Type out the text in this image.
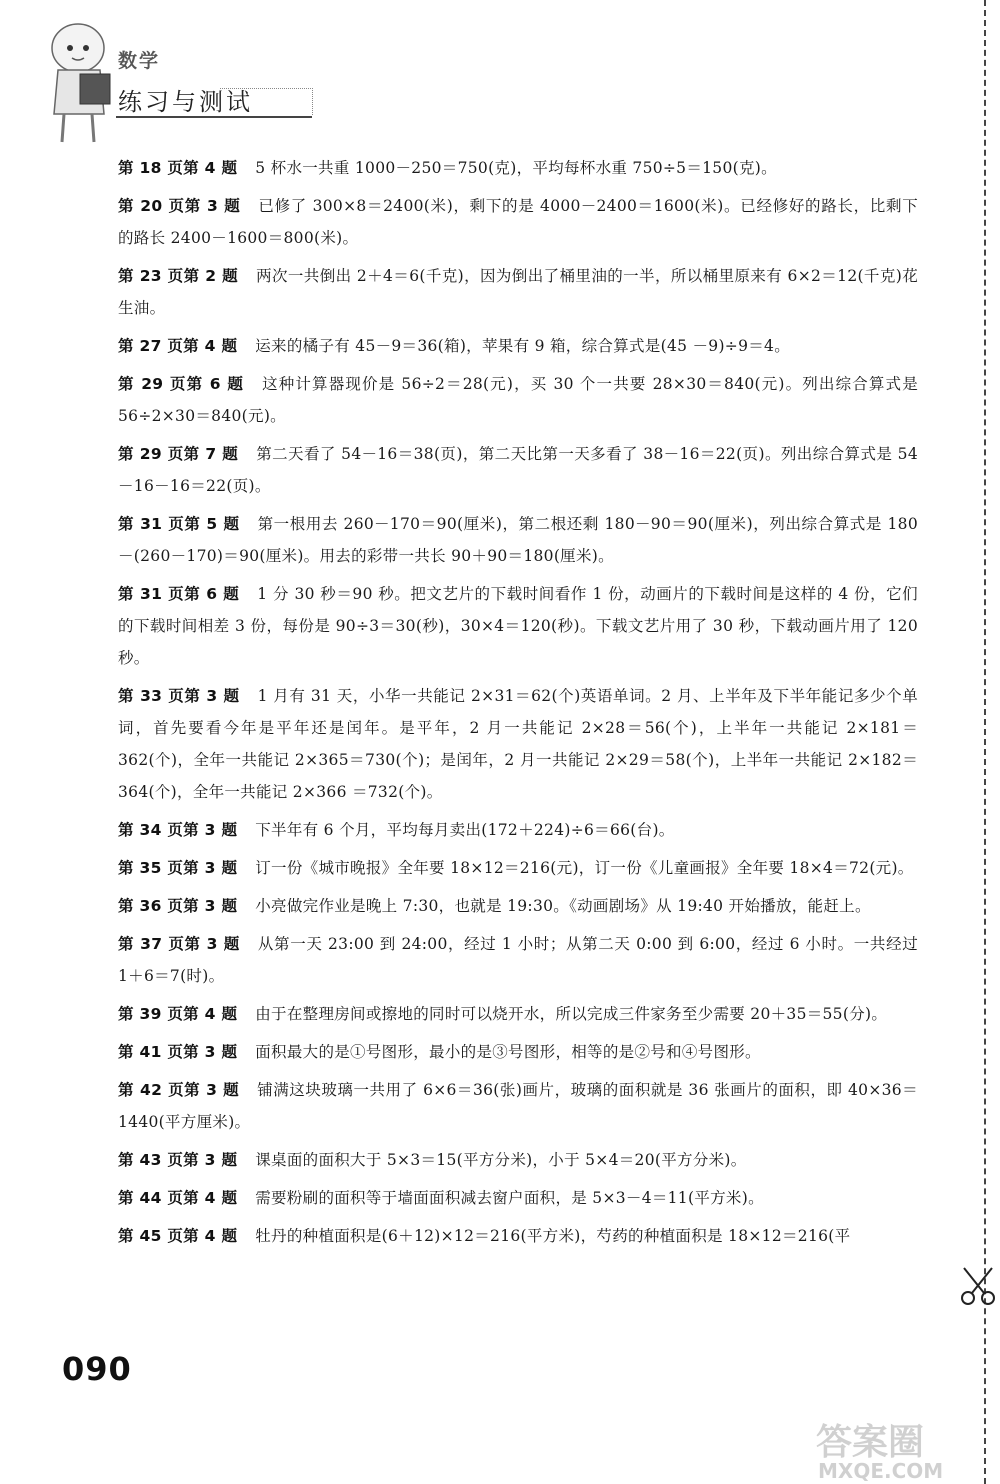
数学
练习与测试
第 18 页第 4 题 5 杯水一共重 1000－250＝750(克)，平均每杯水重 750÷5＝150(克)。
第 20 页第 3 题 已修了 300×8＝2400(米)，剩下的是 4000－2400＝1600(米)。已经修好的路长，比剩下的路长 2400－1600＝800(米)。
第 23 页第 2 题 两次一共倒出 2＋4＝6(千克)，因为倒出了桶里油的一半，所以桶里原来有 6×2＝12(千克)花生油。
第 27 页第 4 题 运来的橘子有 45－9＝36(箱)，苹果有 9 箱，综合算式是(45 －9)÷9＝4。
第 29 页第 6 题 这种计算器现价是 56÷2＝28(元)，买 30 个一共要 28×30＝840(元)。列出综合算式是 56÷2×30＝840(元)。
第 29 页第 7 题 第二天看了 54－16＝38(页)，第二天比第一天多看了 38－16＝22(页)。列出综合算式是 54－16－16＝22(页)。
第 31 页第 5 题 第一根用去 260－170＝90(厘米)，第二根还剩 180－90＝90(厘米)，列出综合算式是 180－(260－170)＝90(厘米)。用去的彩带一共长 90＋90＝180(厘米)。
第 31 页第 6 题 1 分 30 秒＝90 秒。把文艺片的下载时间看作 1 份，动画片的下载时间是这样的 4 份，它们的下载时间相差 3 份，每份是 90÷3＝30(秒)，30×4＝120(秒)。下载文艺片用了 30 秒，下载动画片用了 120 秒。
第 33 页第 3 题 1 月有 31 天，小华一共能记 2×31＝62(个)英语单词。2 月、上半年及下半年能记多少个单词，首先要看今年是平年还是闰年。是平年，2 月一共能记 2×28＝56(个)，上半年一共能记 2×181＝362(个)，全年一共能记 2×365＝730(个)；是闰年，2 月一共能记 2×29＝58(个)，上半年一共能记 2×182＝364(个)，全年一共能记 2×366 ＝732(个)。
第 34 页第 3 题 下半年有 6 个月，平均每月卖出(172＋224)÷6＝66(台)。
第 35 页第 3 题 订一份《城市晚报》全年要 18×12＝216(元)，订一份《儿童画报》全年要 18×4＝72(元)。
第 36 页第 3 题 小亮做完作业是晚上 7:30，也就是 19:30。《动画剧场》从 19:40 开始播放，能赶上。
第 37 页第 3 题 从第一天 23:00 到 24:00，经过 1 小时；从第二天 0:00 到 6:00，经过 6 小时。一共经过 1＋6＝7(时)。
第 39 页第 4 题 由于在整理房间或擦地的同时可以烧开水，所以完成三件家务至少需要 20＋35＝55(分)。
第 41 页第 3 题 面积最大的是①号图形，最小的是③号图形，相等的是②号和④号图形。
第 42 页第 3 题 铺满这块玻璃一共用了 6×6＝36(张)画片，玻璃的面积就是 36 张画片的面积，即 40×36＝1440(平方厘米)。
第 43 页第 3 题 课桌面的面积大于 5×3＝15(平方分米)，小于 5×4＝20(平方分米)。
第 44 页第 4 题 需要粉刷的面积等于墙面面积减去窗户面积，是 5×3－4＝11(平方米)。
第 45 页第 4 题 牡丹的种植面积是(6＋12)×12＝216(平方米)，芍药的种植面积是 18×12＝216(平
090
答案圈
MXQE.COM
